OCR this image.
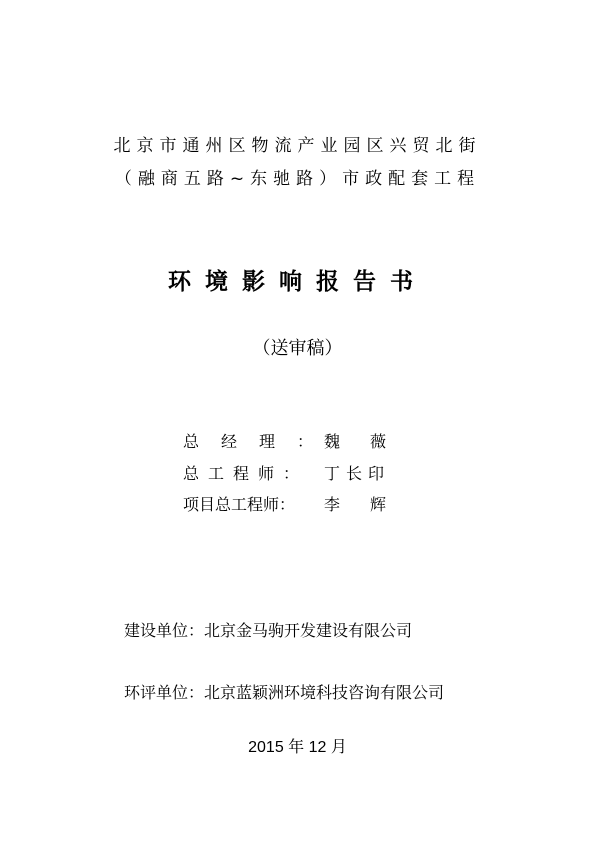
北京市通州区物流产业园区兴贸北街
（融商五路~东驰路）市政配套工程
环境影响报告书
（送审稿）
总经理：
魏薇
总工程师： 丁长印
项目总工程师：	李辉
建设单位：北京金马驹开发建设有限公司
环评单位：北京蓝颖洲环境科技咨询有限公司
2015 年 12 月
